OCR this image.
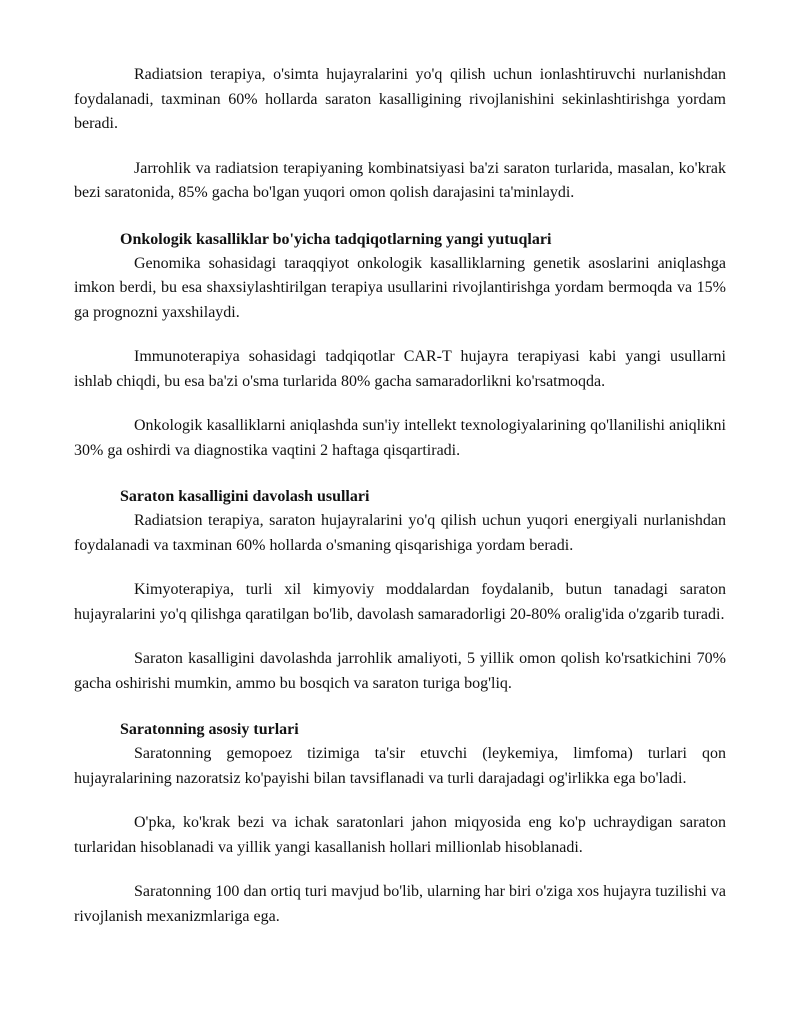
Radiatsion terapiya, o'simta hujayralarini yo'q qilish uchun ionlashtiruvchi nurlanishdan foydalanadi, taxminan 60% hollarda saraton kasalligining rivojlanishini sekinlashtirishga yordam beradi.

Jarrohlik va radiatsion terapiyaning kombinatsiyasi ba'zi saraton turlarida, masalan, ko'krak bezi saratonida, 85% gacha bo'lgan yuqori omon qolish darajasini ta'minlaydi.

Onkologik kasalliklar bo'yicha tadqiqotlarning yangi yutuqlari

Genomika sohasidagi taraqqiyot onkologik kasalliklarning genetik asoslarini aniqlashga imkon berdi, bu esa shaxsiylashtirilgan terapiya usullarini rivojlantirishga yordam bermoqda va 15% ga prognozni yaxshilaydi.

Immunoterapiya sohasidagi tadqiqotlar CAR-T hujayra terapiyasi kabi yangi usullarni ishlab chiqdi, bu esa ba'zi o'sma turlarida 80% gacha samaradorlikni ko'rsatmoqda.

Onkologik kasalliklarni aniqlashda sun'iy intellekt texnologiyalarining qo'llanilishi aniqlikni 30% ga oshirdi va diagnostika vaqtini 2 haftaga qisqartiradi.

Saraton kasalligini davolash usullari

Radiatsion terapiya, saraton hujayralarini yo'q qilish uchun yuqori energiyali nurlanishdan foydalanadi va taxminan 60% hollarda o'smaning qisqarishiga yordam beradi.

Kimyoterapiya, turli xil kimyoviy moddalardan foydalanib, butun tanadagi saraton hujayralarini yo'q qilishga qaratilgan bo'lib, davolash samaradorligi 20-80% oralig'ida o'zgarib turadi.

Saraton kasalligini davolashda jarrohlik amaliyoti, 5 yillik omon qolish ko'rsatkichini 70% gacha oshirishi mumkin, ammo bu bosqich va saraton turiga bog'liq.

Saratonning asosiy turlari

Saratonning gemopoez tizimiga ta'sir etuvchi (leykemiya, limfoma) turlari qon hujayralarining nazoratsiz ko'payishi bilan tavsiflanadi va turli darajadagi og'irlikka ega bo'ladi.

O'pka, ko'krak bezi va ichak saratonlari jahon miqyosida eng ko'p uchraydigan saraton turlaridan hisoblanadi va yillik yangi kasallanish hollari millionlab hisoblanadi.

Saratonning 100 dan ortiq turi mavjud bo'lib, ularning har biri o'ziga xos hujayra tuzilishi va rivojlanish mexanizmlariga ega.
